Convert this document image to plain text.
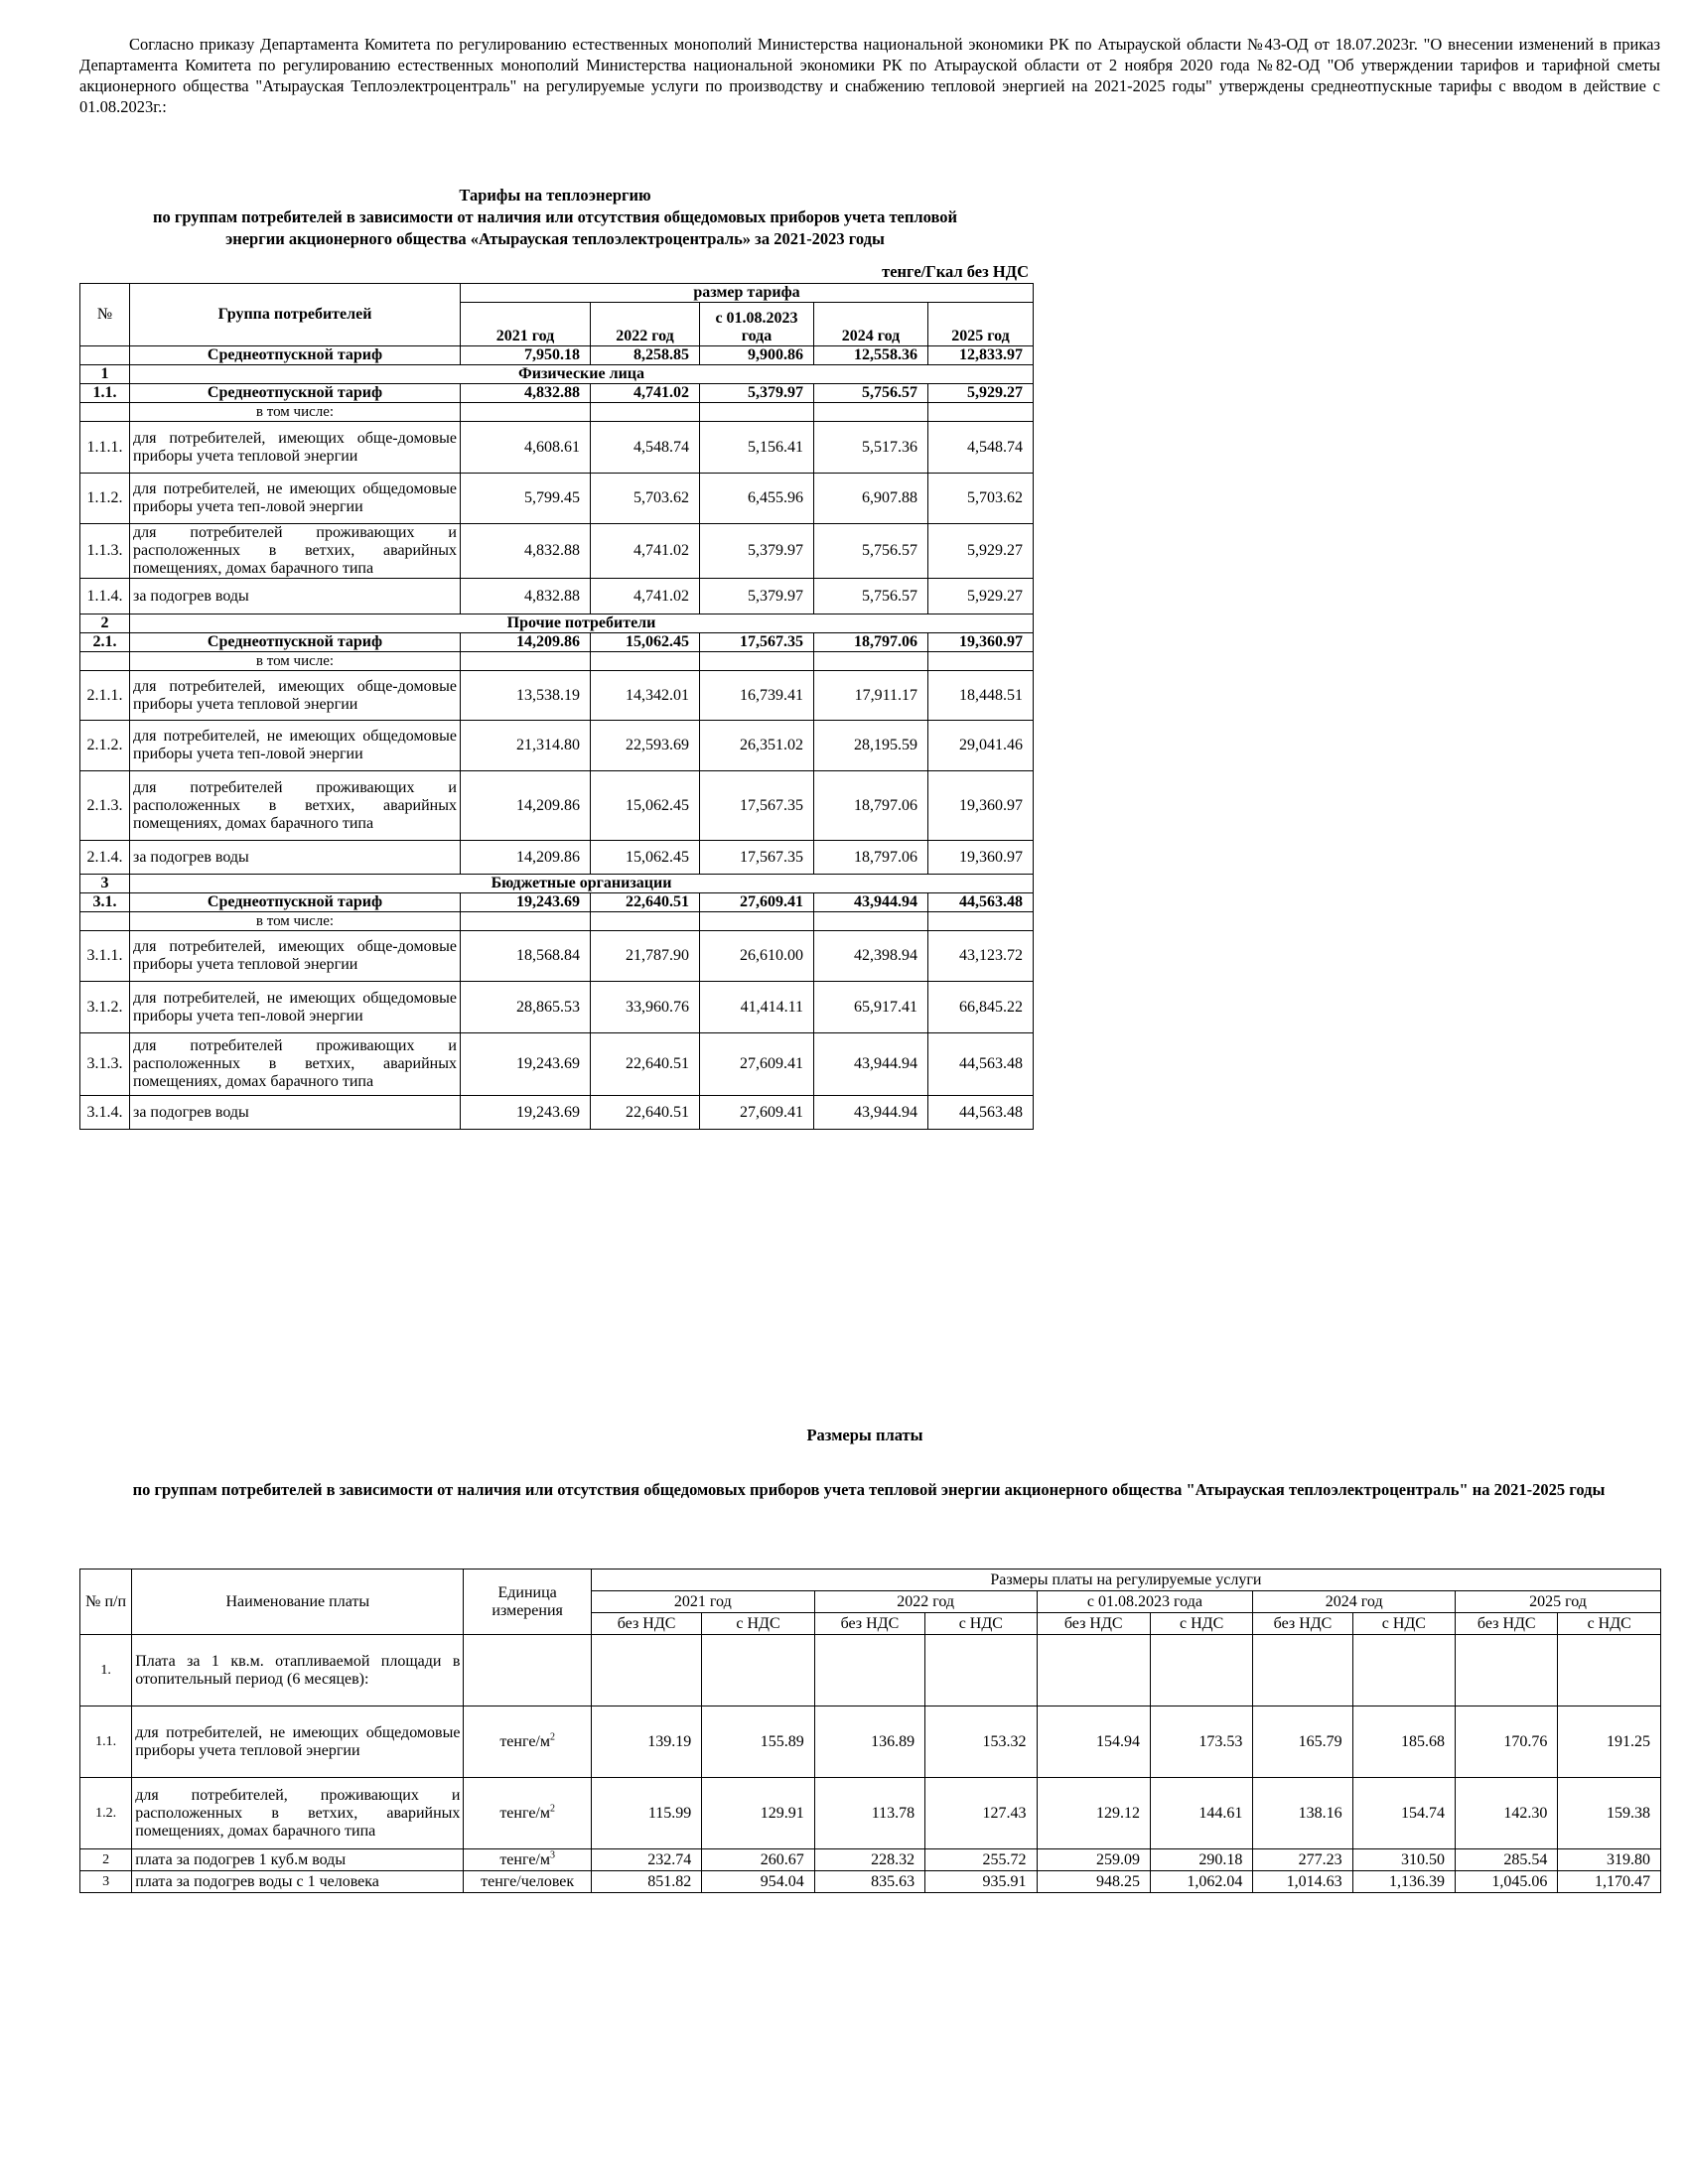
Согласно приказу Департамента Комитета по регулированию естественных монополий Министерства национальной экономики РК по Атырауской области №43-ОД от 18.07.2023г. "О внесении изменений в приказ Департамента Комитета по регулированию естественных монополий Министерства национальной экономики РК по Атырауской области от 2 ноября 2020 года №82-ОД "Об утверждении тарифов и тарифной сметы акционерного общества "Атырауская Теплоэлектроцентраль" на регулируемые услуги по производству и снабжению тепловой энергией на 2021-2025 годы" утверждены среднеотпускные тарифы с вводом в действие с 01.08.2023г.:
Тарифы на теплоэнергию
по группам потребителей в зависимости от наличия или отсутствия общедомовых приборов учета тепловой
энергии акционерного общества «Атырауская теплоэлектроцентраль» за 2021-2023 годы
тенге/Гкал без НДС
№	Группа потребителей	размер тарифа				
		2021 год	2022 год	с 01.08.2023 года	2024 год	2025 год
	Среднеотпускной тариф	7,950.18	8,258.85	9,900.86	12,558.36	12,833.97
1	Физические лица					
1.1.	Среднеотпускной тариф	4,832.88	4,741.02	5,379.97	5,756.57	5,929.27
	в том числе:					
1.1.1.	для потребителей, имеющих обще-домовые приборы учета тепловой энергии	4,608.61	4,548.74	5,156.41	5,517.36	4,548.74
1.1.2.	для потребителей, не имеющих общедомовые приборы учета теп-ловой энергии	5,799.45	5,703.62	6,455.96	6,907.88	5,703.62
1.1.3.	для потребителей проживающих и расположенных в ветхих, аварийных помещениях, домах барачного типа	4,832.88	4,741.02	5,379.97	5,756.57	5,929.27
1.1.4.	за подогрев воды	4,832.88	4,741.02	5,379.97	5,756.57	5,929.27
2	Прочие потребители					
2.1.	Среднеотпускной тариф	14,209.86	15,062.45	17,567.35	18,797.06	19,360.97
	в том числе:					
2.1.1.	для потребителей, имеющих обще-домовые приборы учета тепловой энергии	13,538.19	14,342.01	16,739.41	17,911.17	18,448.51
2.1.2.	для потребителей, не имеющих общедомовые приборы учета теп-ловой энергии	21,314.80	22,593.69	26,351.02	28,195.59	29,041.46
2.1.3.	для потребителей проживающих и расположенных в ветхих, аварийных помещениях, домах барачного типа	14,209.86	15,062.45	17,567.35	18,797.06	19,360.97
2.1.4.	за подогрев воды	14,209.86	15,062.45	17,567.35	18,797.06	19,360.97
3	Бюджетные организации					
3.1.	Среднеотпускной тариф	19,243.69	22,640.51	27,609.41	43,944.94	44,563.48
	в том числе:					
3.1.1.	для потребителей, имеющих обще-домовые приборы учета тепловой энергии	18,568.84	21,787.90	26,610.00	42,398.94	43,123.72
3.1.2.	для потребителей, не имеющих общедомовые приборы учета теп-ловой энергии	28,865.53	33,960.76	41,414.11	65,917.41	66,845.22
3.1.3.	для потребителей проживающих и расположенных в ветхих, аварийных помещениях, домах барачного типа	19,243.69	22,640.51	27,609.41	43,944.94	44,563.48
3.1.4.	за подогрев воды	19,243.69	22,640.51	27,609.41	43,944.94	44,563.48
Размеры платы
по группам потребителей в зависимости от наличия или отсутствия общедомовых приборов учета тепловой энергии акционерного общества "Атырауская теплоэлектроцентраль" на 2021-2025 годы
№ п/п	Наименование платы	Единица измерения	Размеры платы на регулируемые услуги									
			2021 год		2022 год		с 01.08.2023 года		2024 год		2025 год	
			без НДС	с НДС	без НДС	с НДС	без НДС	с НДС	без НДС	с НДС	без НДС	с НДС
1.	Плата за 1 кв.м. отапливаемой площади в отопительный период (6 месяцев):											
1.1.	для потребителей, не имеющих общедомовые приборы учета тепловой энергии	тенге/$м^2$	139.19	155.89	136.89	153.32	154.94	173.53	165.79	185.68	170.76	191.25
1.2.	для потребителей, проживающих и расположенных в ветхих, аварийных помещениях, домах барачного типа	тенге/$м^2$	115.99	129.91	113.78	127.43	129.12	144.61	138.16	154.74	142.30	159.38
2	плата за подогрев 1 куб.м воды	тенге/$м^3$	232.74	260.67	228.32	255.72	259.09	290.18	277.23	310.50	285.54	319.80
3	плата за подогрев воды с 1 человека	тенге/человек	851.82	954.04	835.63	935.91	948.25	1,062.04	1,014.63	1,136.39	1,045.06	1,170.47
